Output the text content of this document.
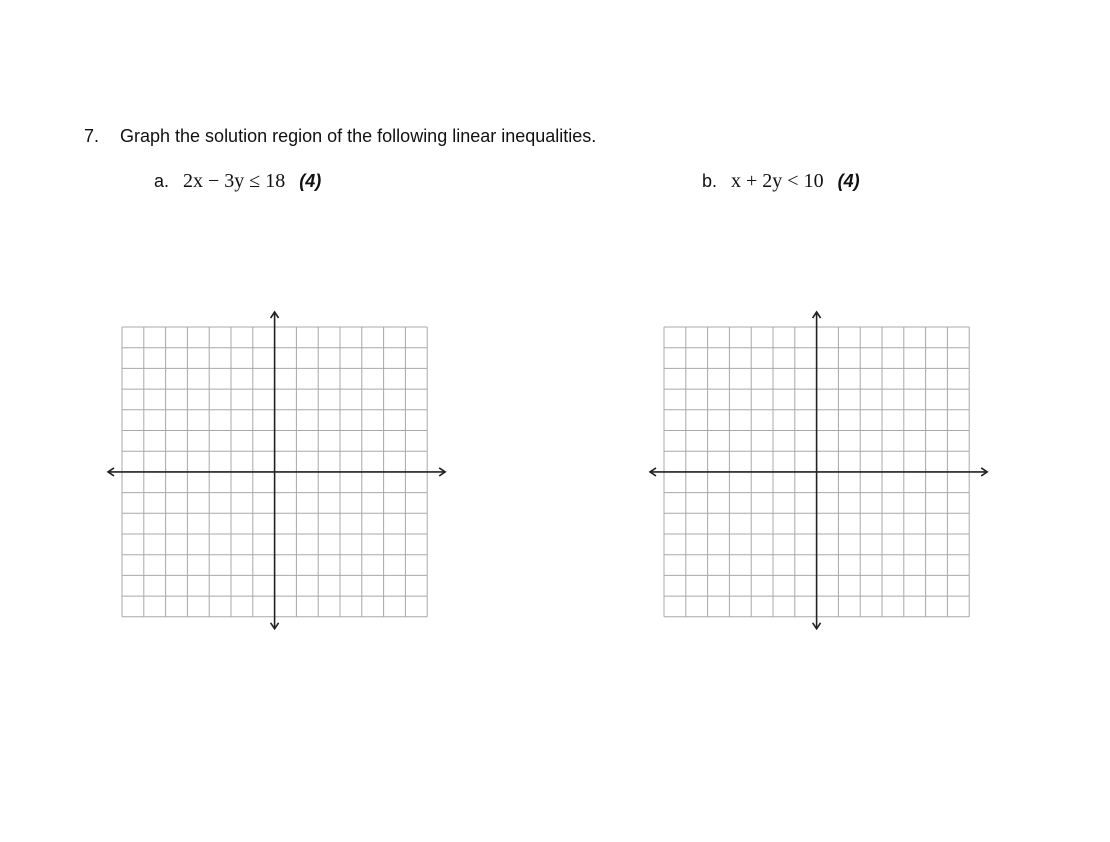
7. Graph the solution region of the following linear inequalities.
a. 2x − 3y ≤ 18 (4)	b. x + 2y < 10 (4)
